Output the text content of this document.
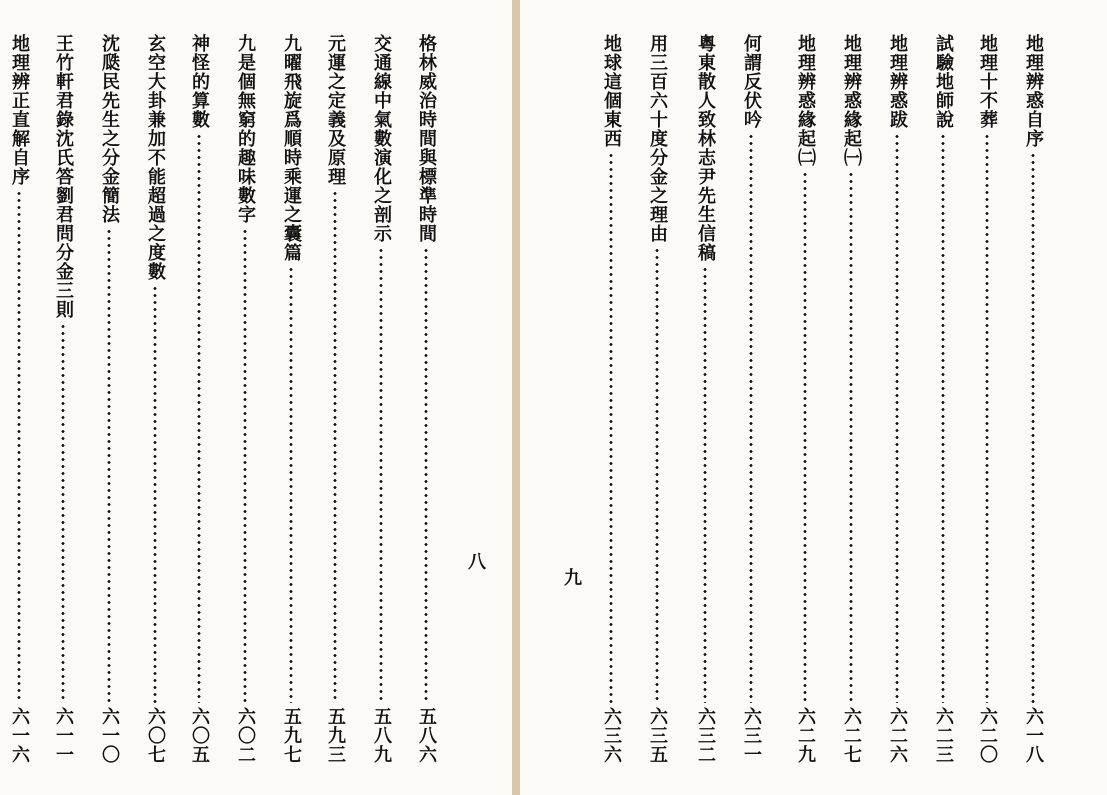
格林威治時間與標準時間
五八六
交通線中氣數演化之剖示
五八九
元運之定義及原理
五九三
九曜飛旋爲順時乘運之囊篇
五九七
九是個無窮的趣味數字
六〇二
神怪的算數
六〇五
玄空大卦兼加不能超過之度數
六〇七
沈瓞民先生之分金簡法
六一〇
王竹軒君錄沈氏答劉君問分金三則
六一一
地理辨正直解自序
六一六
八
地理辨惑自序
六一八
地理十不葬
六二〇
試驗地師說
六二三
地理辨惑跋
六二六
地理辨惑緣起㈠
六二七
地理辨惑緣起㈡
六二九
何謂反伏吟
六三一
粵東散人致林志尹先生信稿
六三二
用三百六十度分金之理由
六三五
地球這個東西
六三六
九
